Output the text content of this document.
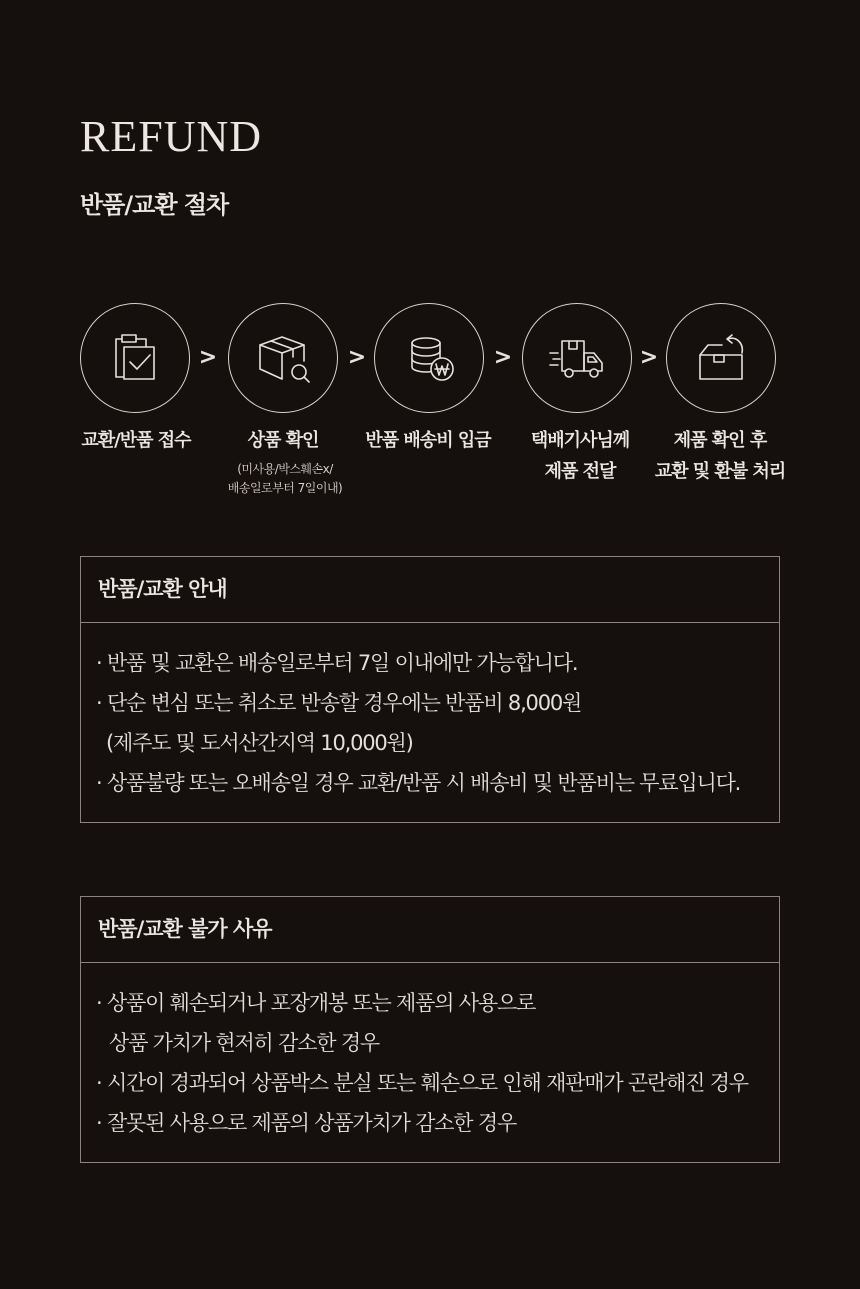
REFUND
반품/교환 절차
>	>	>	>
교환/반품 접수	상품 확인
(미사용/박스훼손x/
배송일로부터 7일이내)
반품 배송비 입금	택배기사님께
제품 전달
제품 확인 후
교환 및 환불 처리
반품/교환 안내
· 반품 및 교환은 배송일로부터 7일 이내에만 가능합니다.
· 단순 변심 또는 취소로 반송할 경우에는 반품비 8,000원
(제주도 및 도서산간지역 10,000원)
· 상품불량 또는 오배송일 경우 교환/반품 시 배송비 및 반품비는 무료입니다.
반품/교환 불가 사유
· 상품이 훼손되거나 포장개봉 또는 제품의 사용으로
상품 가치가 현저히 감소한 경우
· 시간이 경과되어 상품박스 분실 또는 훼손으로 인해 재판매가 곤란해진 경우
· 잘못된 사용으로 제품의 상품가치가 감소한 경우
